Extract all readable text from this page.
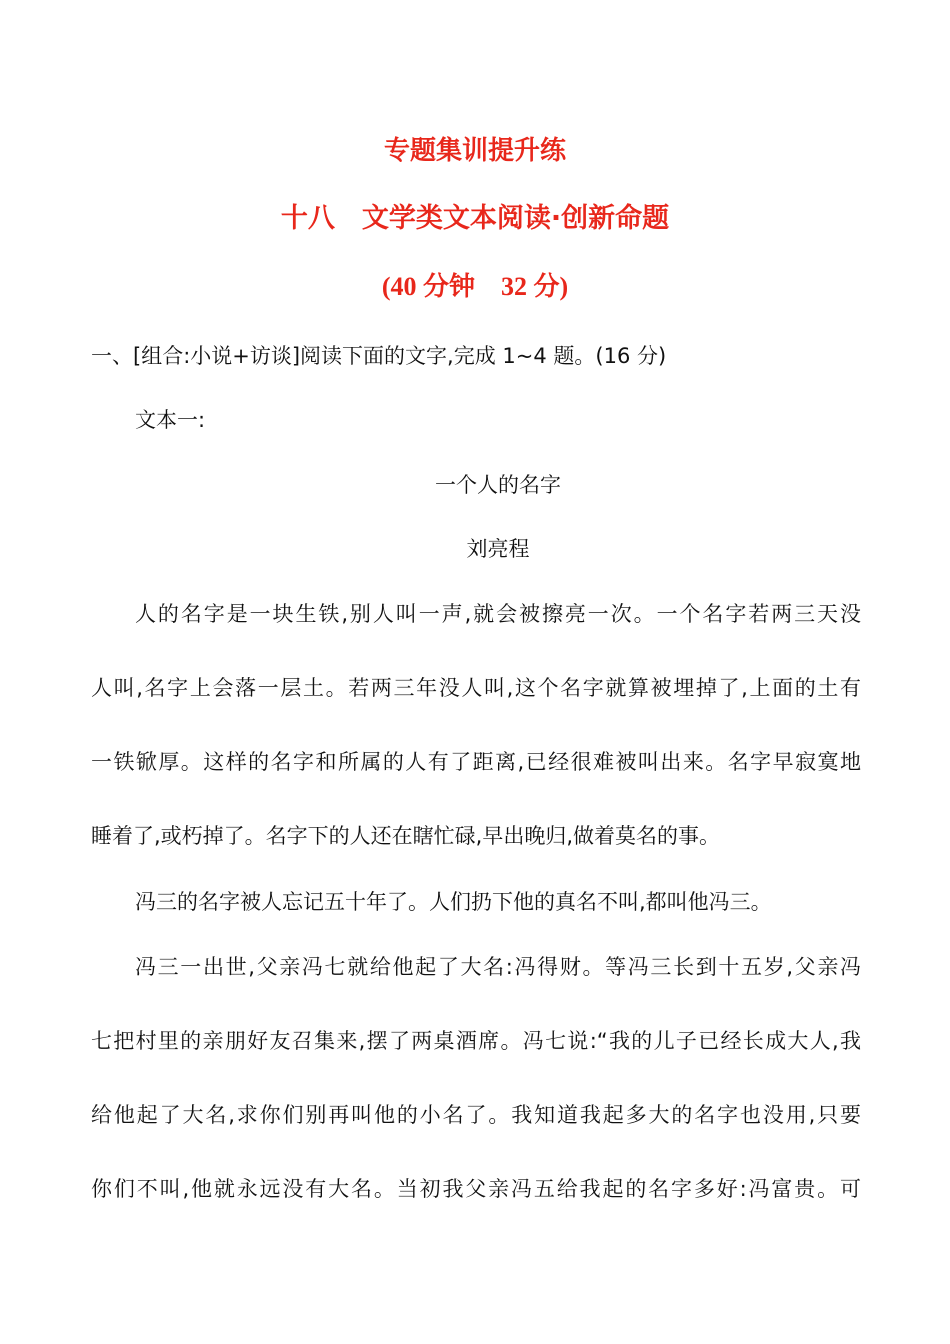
专题集训提升练
十八　文学类文本阅读·创新命题
(40 分钟　32 分)
一、[组合:小说+访谈]阅读下面的文字,完成 1~4 题。(16 分)
文本一:
一个人的名字
刘亮程
人的名字是一块生铁,别人叫一声,就会被擦亮一次。一个名字若两三天没
人叫,名字上会落一层土。若两三年没人叫,这个名字就算被埋掉了,上面的土有
一铁锨厚。这样的名字和所属的人有了距离,已经很难被叫出来。名字早寂寞地
睡着了,或朽掉了。名字下的人还在瞎忙碌,早出晚归,做着莫名的事。
冯三的名字被人忘记五十年了。人们扔下他的真名不叫,都叫他冯三。
冯三一出世,父亲冯七就给他起了大名:冯得财。等冯三长到十五岁,父亲冯
七把村里的亲朋好友召集来,摆了两桌酒席。冯七说:“我的儿子已经长成大人,我
给他起了大名,求你们别再叫他的小名了。我知道我起多大的名字也没用,只要
你们不叫,他就永远没有大名。当初我父亲冯五给我起的名字多好:冯富贵。可
